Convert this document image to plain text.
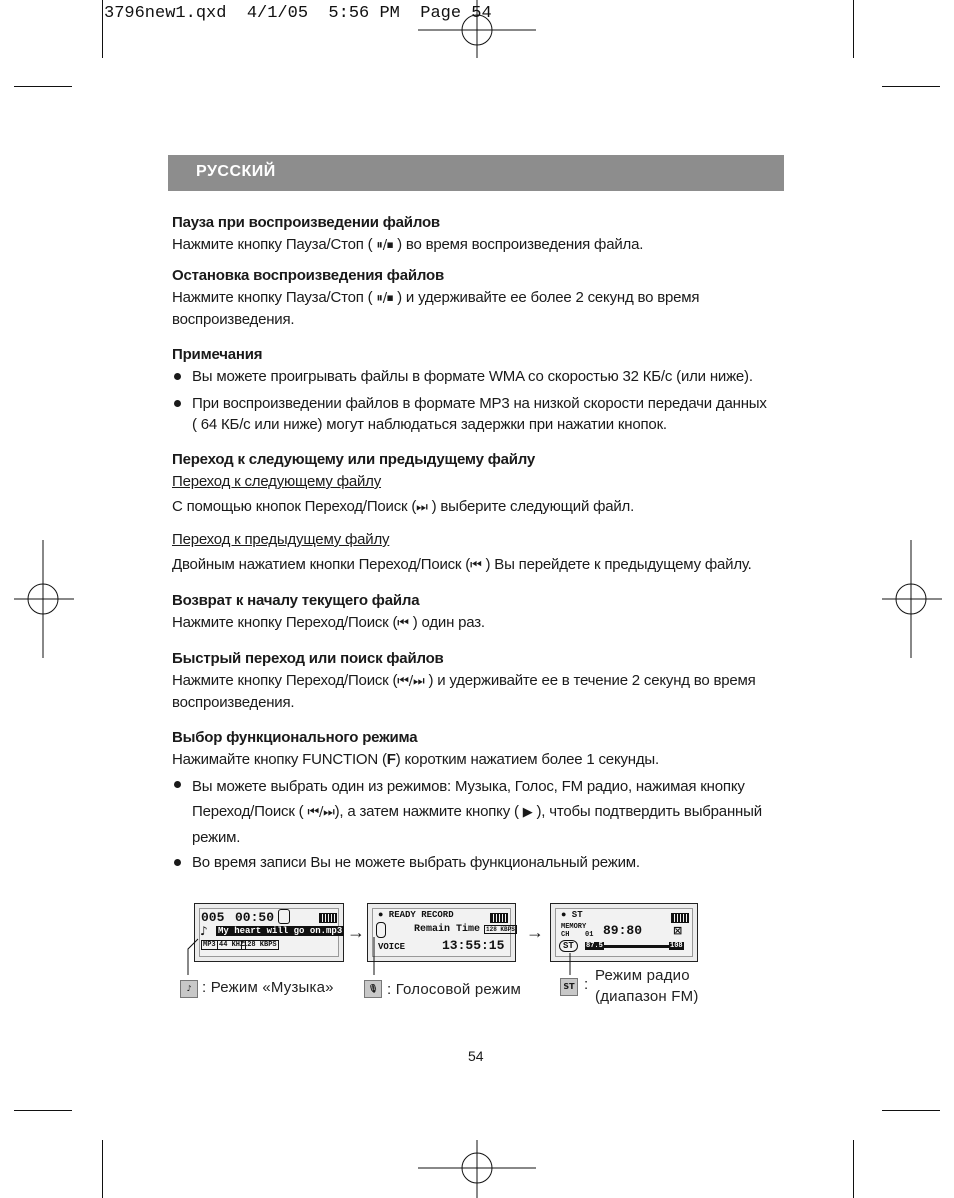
3796new1.qxd  4/1/05  5:56 PM  Page 54
РУССКИЙ
Пауза при воспроизведении файлов

Нажмите кнопку Пауза/Стоп ( ⏸/⏹ ) во время воспроизведения файла.

Остановка воспроизведения файлов

Нажмите кнопку Пауза/Стоп ( ⏸/⏹ ) и удерживайте ее более 2 секунд во время воспроизведения.

Примечания

Вы можете проигрывать файлы в формате WMA со скоростью 32 КБ/с (или ниже).

При воспроизведении файлов в формате MP3 на низкой скорости передачи данных ( 64 КБ/с или ниже) могут наблюдаться задержки при нажатии кнопок.

Переход к следующему или предыдущему файлу

Переход к следующему файлу

С помощью кнопок Переход/Поиск (⏭ ) выберите следующий файл.

Переход к предыдущему файлу

Двойным нажатием кнопки Переход/Поиск (⏮ ) Вы перейдете к предыдущему файлу.

Возврат к началу текущего файла

Нажмите кнопку Переход/Поиск (⏮ ) один раз.

Быстрый переход или поиск файлов

Нажмите кнопку Переход/Поиск (⏮/⏭ ) и удерживайте ее в течение 2 секунд во время воспроизведения.

Выбор функционального режима

Нажимайте кнопку FUNCTION (F) коротким нажатием более 1 секунды.

Вы можете выбрать один из режимов: Музыка, Голос, FM радио, нажимая кнопку Переход/Поиск ( ⏮/⏭), а затем нажмите кнопку ( ▶ ), чтобы подтвердить выбранный режим.

Во время записи Вы не можете выбрать функциональный режим.

005 00:50
My heart will go on.mp3
♪
MP3 44 KHZ
128 KBPS
→
● READY RECORD
Remain Time 128 KBPS
VOICE	13:55:15
→
● ST
MEMORY
CH 01 89:80	⊠
ST	87.5	108
♪ : Режим «Музыка»	🎙 : Голосовой режим	ST :
Режим радио
(диапазон FM)
54
